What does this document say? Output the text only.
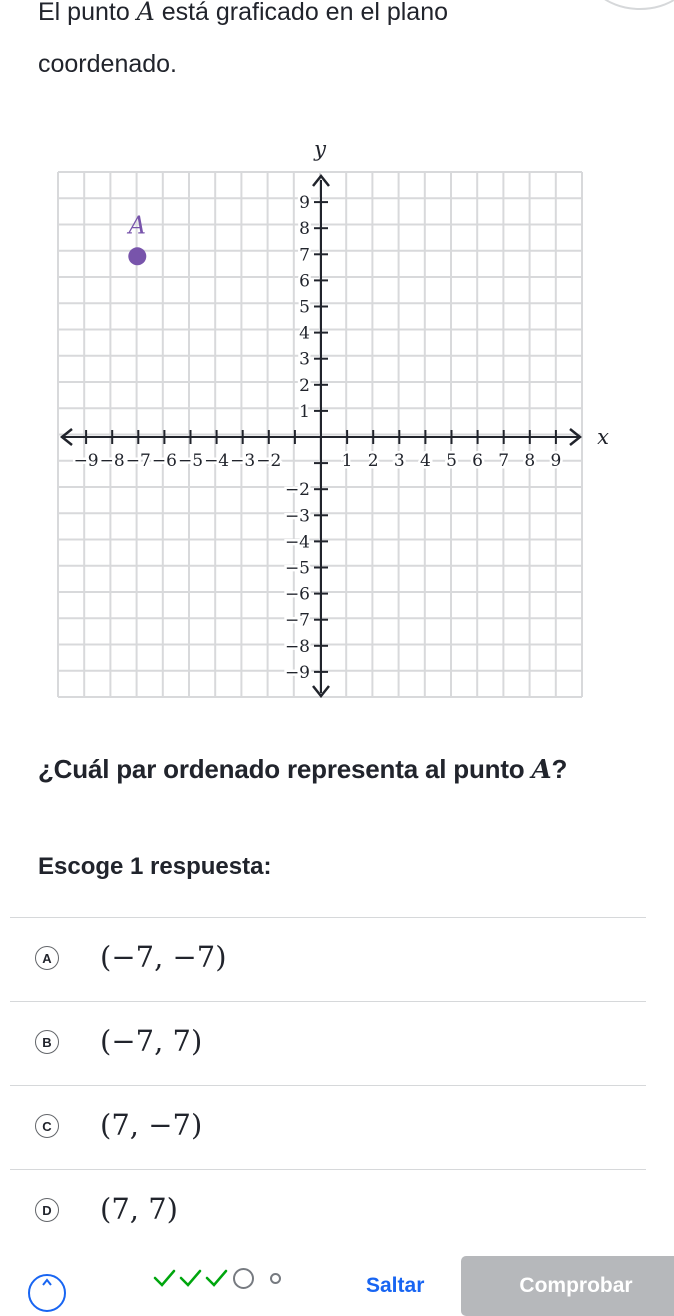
El punto A está graficado en el plano
coordenado.
x
y
−9 −8 −7 −6 −5 −4 −3 −2	1 2 3 4 5 6 7 8 9
9
8
7
6
5
4
3
2
1
−2
−3
−4
−5
−6
−7
−8
−9
A
¿Cuál par ordenado representa al punto A?
Escoge 1 respuesta:
A (−7, −7)
B (−7, 7)
C (7, −7)
D (7, 7)
Saltar	Comprobar
